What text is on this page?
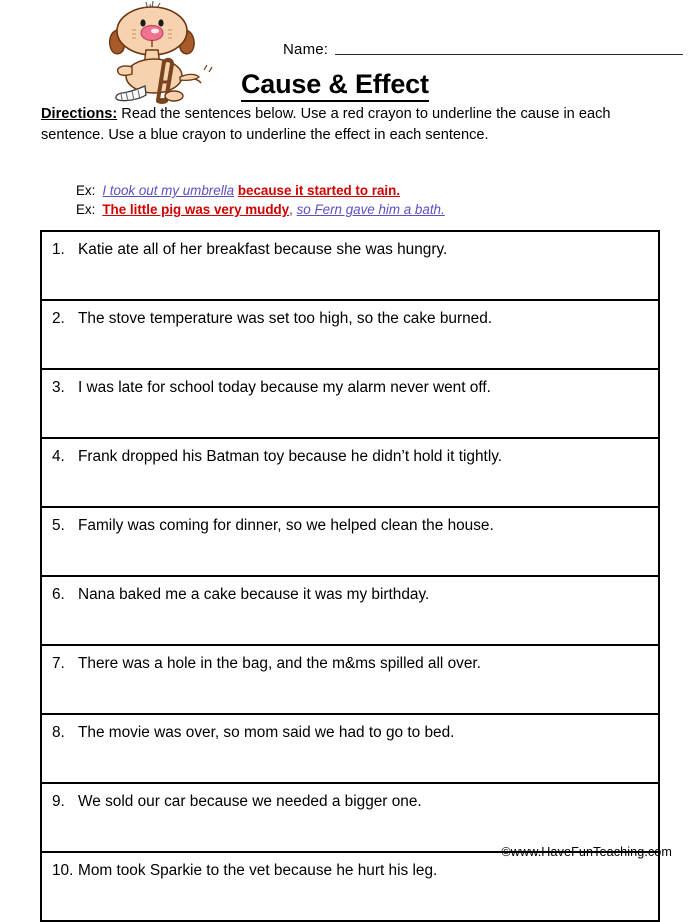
Name:
Cause & Effect
Directions: Read the sentences below. Use a red crayon to underline the cause in each sentence. Use a blue crayon to underline the effect in each sentence.
Ex: I took out my umbrella because it started to rain.
Ex: The little pig was very muddy, so Fern gave him a bath.
1. Katie ate all of her breakfast because she was hungry.
2. The stove temperature was set too high, so the cake burned.
3. I was late for school today because my alarm never went off.
4. Frank dropped his Batman toy because he didn’t hold it tightly.
5. Family was coming for dinner, so we helped clean the house.
6. Nana baked me a cake because it was my birthday.
7. There was a hole in the bag, and the m&ms spilled all over.
8. The movie was over, so mom said we had to go to bed.
9. We sold our car because we needed a bigger one.
10. Mom took Sparkie to the vet because he hurt his leg.
©www.HaveFunTeaching.com
